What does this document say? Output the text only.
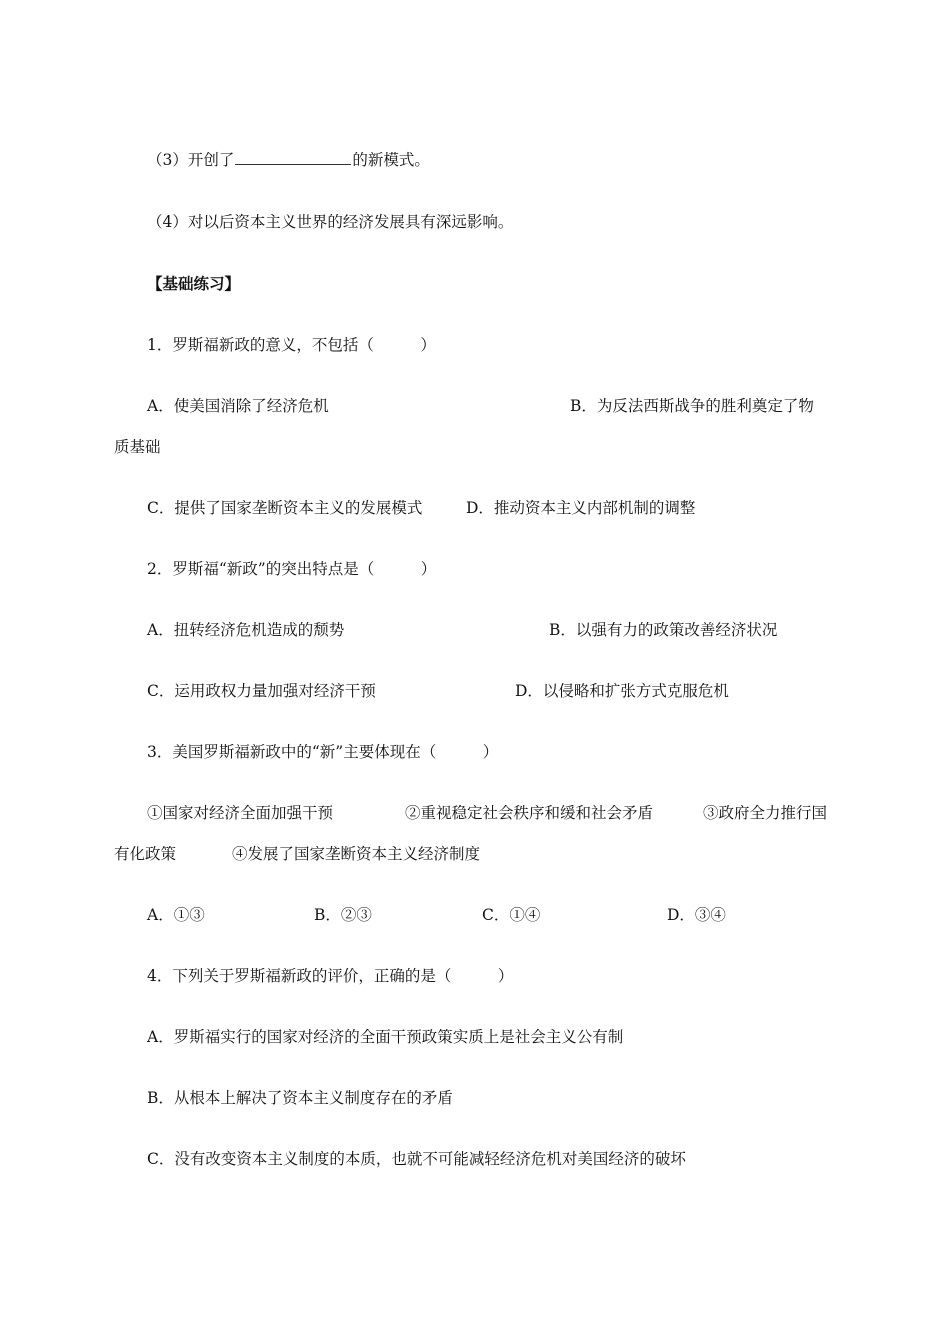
（3）开创了	的新模式。
（4）对以后资本主义世界的经济发展具有深远影响。
【基础练习】
1．罗斯福新政的意义，不包括（　　　）
A．使美国消除了经济危机	B．为反法西斯战争的胜利奠定了物
质基础
C．提供了国家垄断资本主义的发展模式	D．推动资本主义内部机制的调整
2．罗斯福“新政”的突出特点是（　　　）
A．扭转经济危机造成的颓势	B．以强有力的政策改善经济状况
C．运用政权力量加强对经济干预	D．以侵略和扩张方式克服危机
3．美国罗斯福新政中的“新”主要体现在（　　　）
①国家对经济全面加强干预	②重视稳定社会秩序和缓和社会矛盾	③政府全力推行国
有化政策	④发展了国家垄断资本主义经济制度
A．①③	B．②③	C．①④	D．③④
4．下列关于罗斯福新政的评价，正确的是（　　　）
A．罗斯福实行的国家对经济的全面干预政策实质上是社会主义公有制
B．从根本上解决了资本主义制度存在的矛盾
C．没有改变资本主义制度的本质，也就不可能减轻经济危机对美国经济的破坏
